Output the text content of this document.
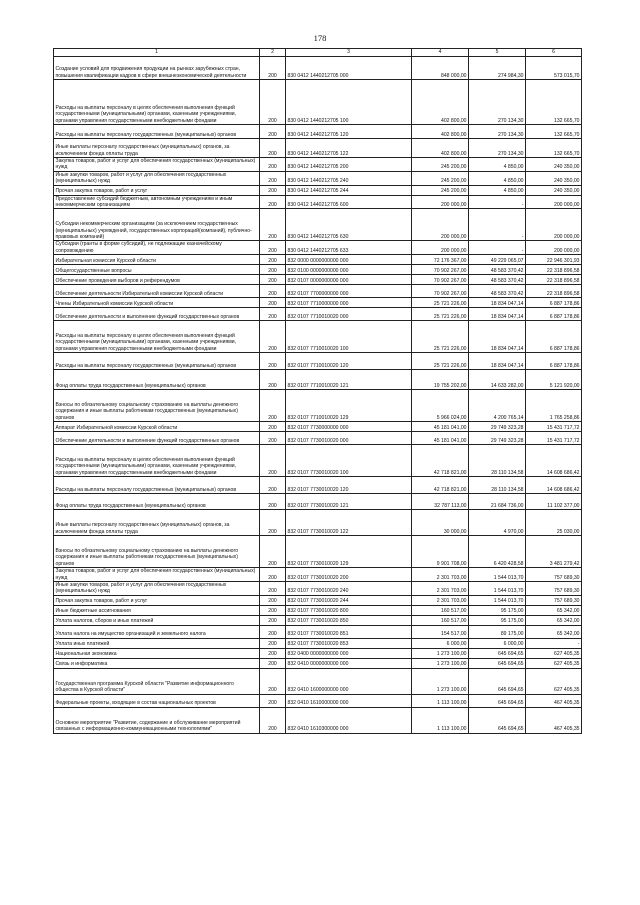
178
1	2	3	4	5	6
Создание условий для продвижения продукции на рынках зарубежных стран, повышения квалификации кадров в сфере внешнеэкономической деятельности	200	830 0412 1440212705 000	848 000,00	274 984,30	573 015,70
Расходы на выплаты персоналу в целях обеспечения выполнения функций государственными (муниципальными) органами, казенными учреждениями, органами управления государственными внебюджетными фондами	200	830 0412 1440212705 100	402 800,00	270 134,30	132 665,70
Расходы на выплаты персоналу государственных (муниципальных) органов	200	830 0412 1440212705 120	402 800,00	270 134,30	132 665,70
Иные выплаты персоналу государственных (муниципальных) органов, за исключением фонда оплаты труда	200	830 0412 1440212705 122	402 800,00	270 134,30	132 665,70
Закупка товаров, работ и услуг для обеспечения государственных (муниципальных) нужд	200	830 0412 1440212705 200	245 200,00	4 850,00	240 350,00
Иные закупки товаров, работ и услуг для обеспечения государственных (муниципальных) нужд	200	830 0412 1440212705 240	245 200,00	4 850,00	240 350,00
Прочая закупка товаров, работ и услуг	200	830 0412 1440212705 244	245 200,00	4 850,00	240 350,00
Предоставление субсидий бюджетным, автономным учреждениям и иным некоммерческим организациям	200	830 0412 1440212705 600	200 000,00	-	200 000,00
Субсидии некоммерческим организациям (за исключением государственных (муниципальных) учреждений, государственных корпораций(компаний), публично-правовых компаний)	200	830 0412 1440212705 630	200 000,00	-	200 000,00
Субсидии (гранты в форме субсидий), не подлежащие казначейскому сопровождению	200	830 0412 1440212705 633	200 000,00	-	200 000,00
Избирательная комиссия Курской области	200	832 0000 0000000000 000	72 176 367,00	49 229 065,07	22 946 301,93
Общегосударственные вопросы	200	832 0100 0000000000 000	70 902 267,00	48 583 370,42	22 318 896,58
Обеспечение проведения выборов и референдумов	200	832 0107 0000000000 000	70 902 267,00	48 583 370,42	22 318 896,58
Обеспечение деятельности Избирательной комиссии Курской области	200	832 0107 7700000000 000	70 902 267,00	48 583 370,42	22 318 896,58
Члены Избирательной комиссии Курской области	200	832 0107 7710000000 000	25 721 226,00	18 834 047,14	6 887 178,86
Обеспечение деятельности и выполнение функций государственных органов	200	832 0107 7710010020 000	25 721 226,00	18 834 047,14	6 887 178,86
Расходы на выплаты персоналу в целях обеспечения выполнения функций государственными (муниципальными) органами, казенными учреждениями, органами управления государственными внебюджетными фондами	200	832 0107 7710010020 100	25 721 226,00	18 834 047,14	6 887 178,86
Расходы на выплаты персоналу государственных (муниципальных) органов	200	832 0107 7710010020 120	25 721 226,00	18 834 047,14	6 887 178,86
Фонд оплаты труда государственных (муниципальных) органов	200	832 0107 7710010020 121	19 755 202,00	14 633 282,00	5 121 920,00
Взносы по обязательному социальному страхованию на выплаты денежного содержания и иные выплаты работникам государственных (муниципальных) органов	200	832 0107 7710010020 129	5 966 024,00	4 200 765,14	1 765 258,86
Аппарат Избирательной комиссии Курской области	200	832 0107 7730000000 000	45 181 041,00	29 749 323,28	15 431 717,72
Обеспечение деятельности и выполнение функций государственных органов	200	832 0107 7730010020 000	45 181 041,00	29 749 323,28	15 431 717,72
Расходы на выплаты персоналу в целях обеспечения выполнения функций государственными (муниципальными) органами, казенными учреждениями, органами управления государственными внебюджетными фондами	200	832 0107 7730010020 100	42 718 821,00	28 110 134,58	14 608 686,42
Расходы на выплаты персоналу государственных (муниципальных) органов	200	832 0107 7730010020 120	42 718 821,00	28 110 134,58	14 608 686,42
Фонд оплаты труда государственных (муниципальных) органов	200	832 0107 7730010020 121	32 787 113,00	21 684 736,00	11 102 377,00
Иные выплаты персоналу государственных (муниципальных) органов, за исключением фонда оплаты труда	200	832 0107 7730010020 122	30 000,00	4 970,00	25 030,00
Взносы по обязательному социальному страхованию на выплаты денежного содержания и иные выплаты работникам государственных (муниципальных) органов	200	832 0107 7730010020 129	9 901 708,00	6 420 428,58	3 481 279,42
Закупка товаров, работ и услуг для обеспечения государственных (муниципальных) нужд	200	832 0107 7730010020 200	2 301 703,00	1 544 013,70	757 689,30
Иные закупки товаров, работ и услуг для обеспечения государственных (муниципальных) нужд	200	832 0107 7730010020 240	2 301 703,00	1 544 013,70	757 689,30
Прочая закупка товаров, работ и услуг	200	832 0107 7730010020 244	2 301 703,00	1 544 013,70	757 689,30
Иные бюджетные ассигнования	200	832 0107 7730010020 800	160 517,00	95 175,00	65 342,00
Уплата налогов, сборов и иных платежей	200	832 0107 7730010020 850	160 517,00	95 175,00	65 342,00
Уплата налога на имущество организаций и земельного налога	200	832 0107 7730010020 851	154 517,00	89 175,00	65 342,00
Уплата иных платежей	200	832 0107 7730010020 853	6 000,00	6 000,00	-
Национальная экономика	200	832 0400 0000000000 000	1 273 100,00	645 694,65	627 405,35
Связь и информатика	200	832 0410 0000000000 000	1 273 100,00	645 694,65	627 405,35
Государственная программа Курской области "Развитие информационного общества в Курской области"	200	832 0410 1600000000 000	1 273 100,00	645 694,65	627 405,35
Федеральные проекты, входящие в состав национальных проектов	200	832 0410 1610000000 000	1 113 100,00	645 694,65	467 405,35
Основное мероприятие "Развитие, содержание и обслуживание мероприятий связанных с информационно-коммуникационными технологиями"	200	832 0410 1610300000 000	1 113 100,00	645 694,65	467 405,35
